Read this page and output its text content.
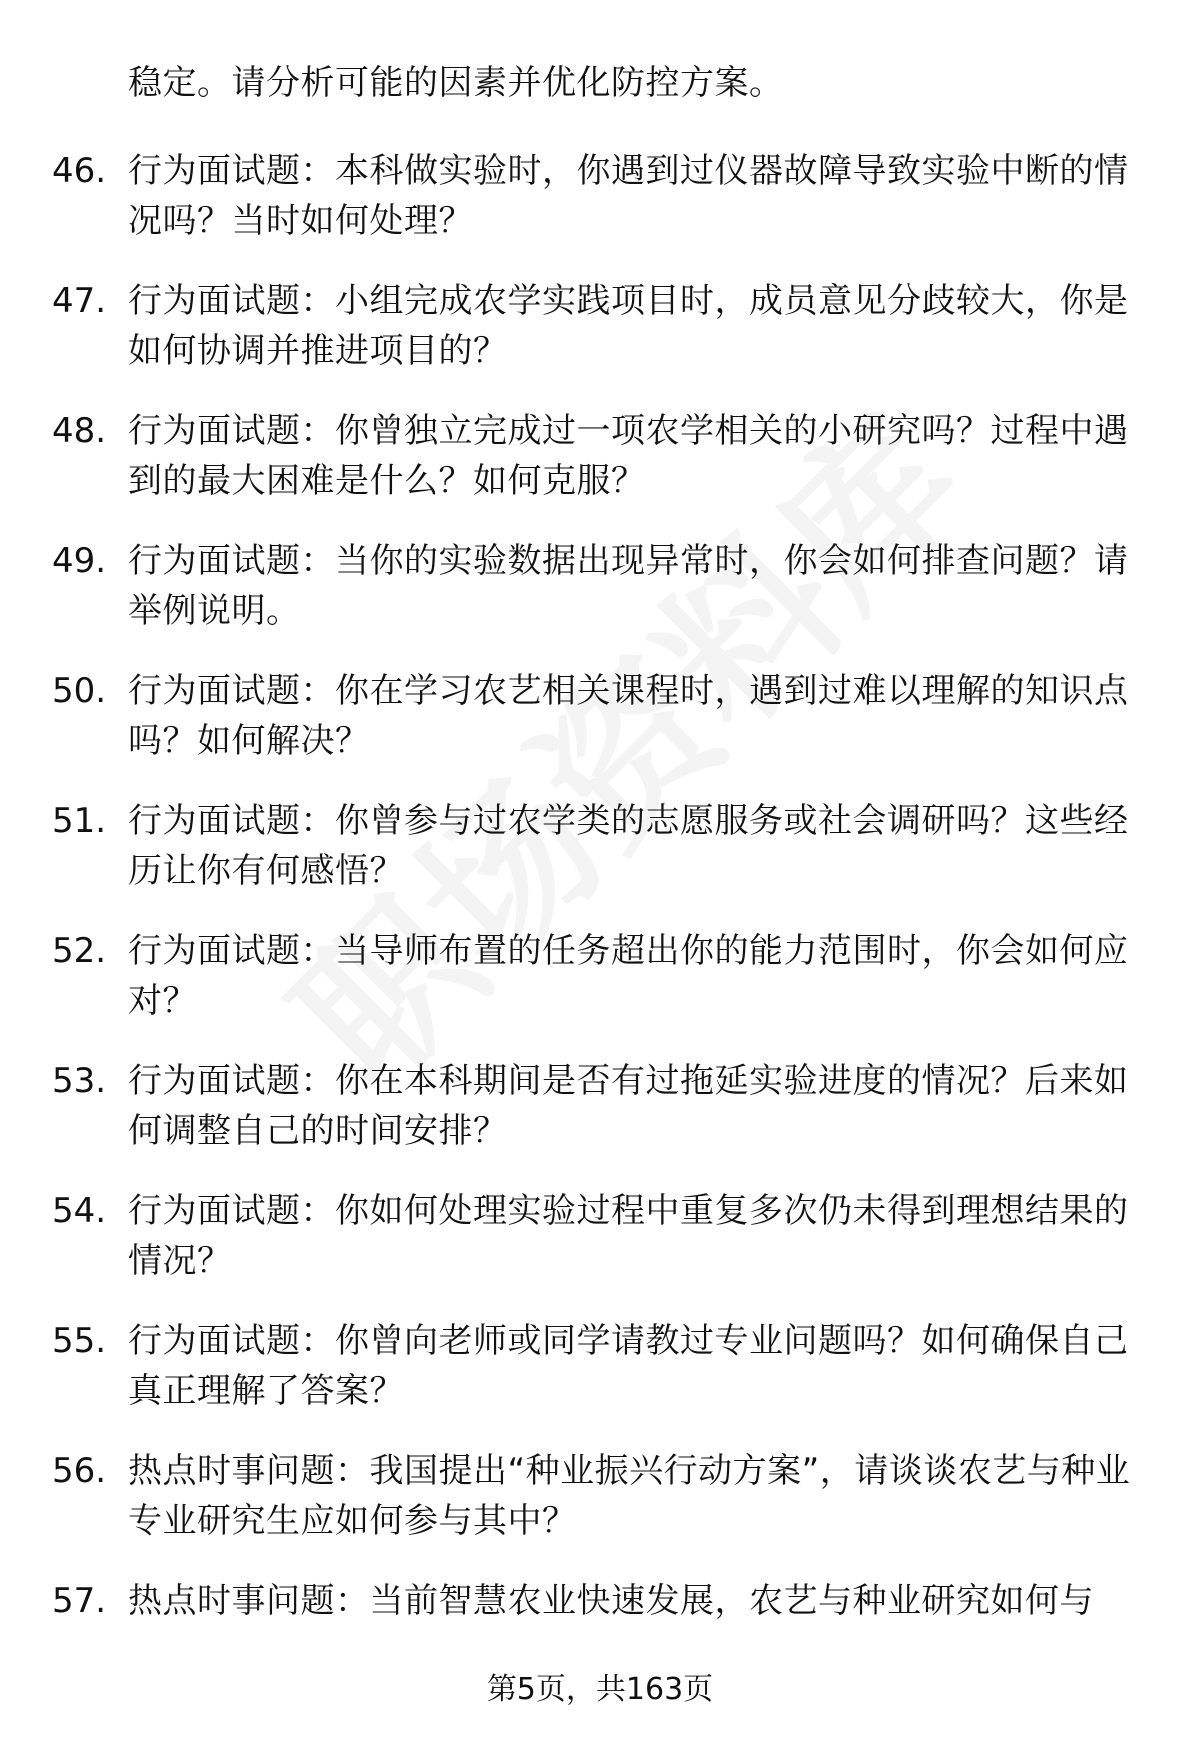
稳定。请分析可能的因素并优化防控方案。
46. 行为面试题：本科做实验时，你遇到过仪器故障导致实验中断的情况吗？当时如何处理？
47. 行为面试题：小组完成农学实践项目时，成员意见分歧较大，你是如何协调并推进项目的？
48. 行为面试题：你曾独立完成过一项农学相关的小研究吗？过程中遇到的最大困难是什么？如何克服？
49. 行为面试题：当你的实验数据出现异常时，你会如何排查问题？请举例说明。
50. 行为面试题：你在学习农艺相关课程时，遇到过难以理解的知识点吗？如何解决？
51. 行为面试题：你曾参与过农学类的志愿服务或社会调研吗？这些经历让你有何感悟？
52. 行为面试题：当导师布置的任务超出你的能力范围时，你会如何应对？
53. 行为面试题：你在本科期间是否有过拖延实验进度的情况？后来如何调整自己的时间安排？
54. 行为面试题：你如何处理实验过程中重复多次仍未得到理想结果的情况？
55. 行为面试题：你曾向老师或同学请教过专业问题吗？如何确保自己真正理解了答案？
56. 热点时事问题：我国提出“种业振兴行动方案”，请谈谈农艺与种业专业研究生应如何参与其中？
57. 热点时事问题：当前智慧农业快速发展，农艺与种业研究如何与
第5页，共163页
